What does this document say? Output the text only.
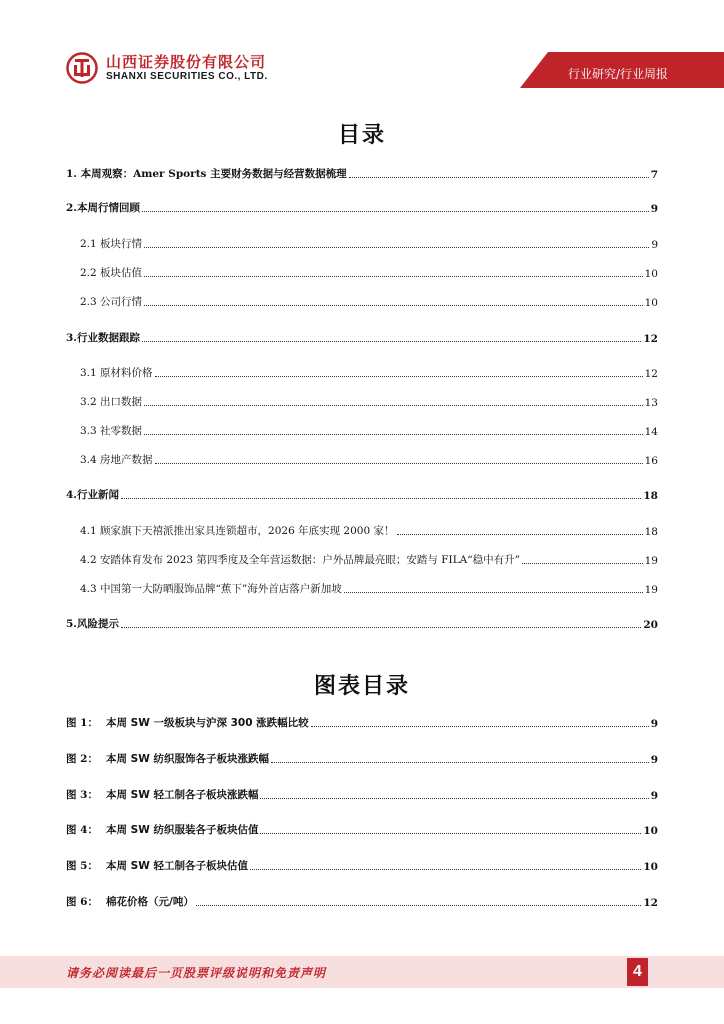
山西证券股份有限公司
SHANXI SECURITIES CO., LTD.	行业研究/行业周报
目录
1. 本周观察：Amer Sports 主要财务数据与经营数据梳理	7
2.本周行情回顾	9
2.1 板块行情	9
2.2 板块估值	10
2.3 公司行情	10
3.行业数据跟踪	12
3.1 原材料价格	12
3.2 出口数据	13
3.3 社零数据	14
3.4 房地产数据	16
4.行业新闻	18
4.1 顾家旗下天禧派推出家具连锁超市，2026 年底实现 2000 家！	18
4.2 安踏体育发布 2023 第四季度及全年营运数据：户外品牌最亮眼；安踏与 FILA“稳中有升”	19
4.3 中国第一大防晒服饰品牌“蕉下”海外首店落户新加坡	19
5.风险提示	20
图表目录
图 1： 本周 SW 一级板块与沪深 300 涨跌幅比较	9
图 2： 本周 SW 纺织服饰各子板块涨跌幅	9
图 3： 本周 SW 轻工制各子板块涨跌幅	9
图 4： 本周 SW 纺织服装各子板块估值	10
图 5： 本周 SW 轻工制各子板块估值	10
图 6： 棉花价格（元/吨）	12
请务必阅读最后一页股票评级说明和免责声明	4
